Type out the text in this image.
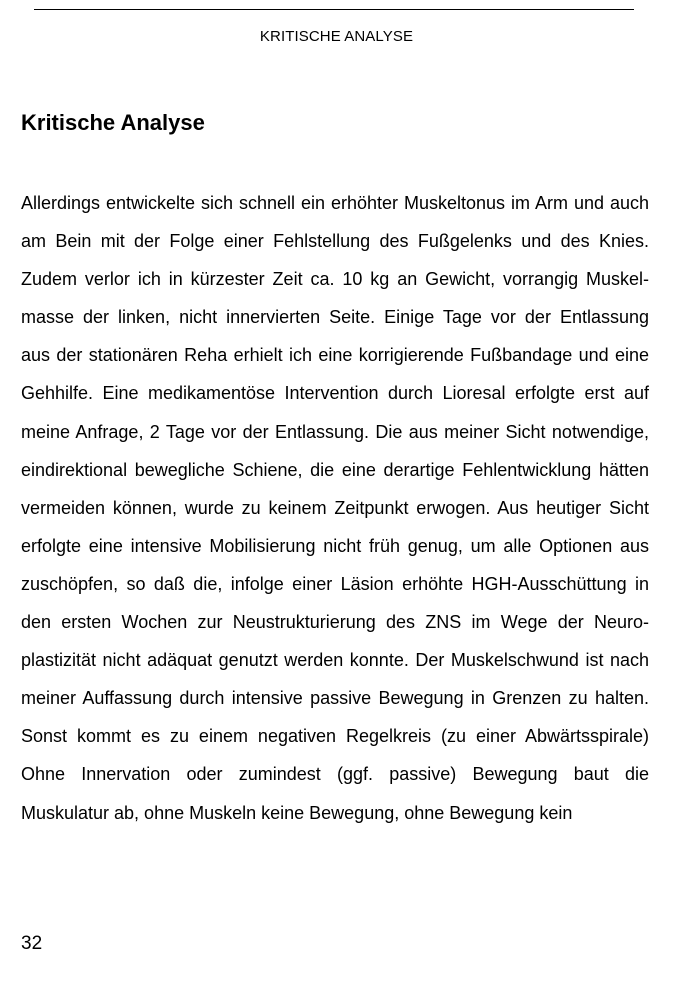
KRITISCHE ANALYSE
Kritische Analyse
Allerdings entwickelte sich schnell ein erhöhter Muskeltonus im Arm und auch
am Bein mit der Folge einer Fehlstellung des Fußgelenks und des Knies.
Zudem verlor ich in kürzester Zeit ca. 10 kg an Gewicht, vorrangig Muskel-
masse der linken, nicht innervierten Seite. Einige Tage vor der Entlassung
aus der stationären Reha erhielt ich eine korrigierende Fußbandage und eine
Gehhilfe. Eine medikamentöse Intervention durch Lioresal erfolgte erst auf
meine Anfrage, 2 Tage vor der Entlassung. Die aus meiner Sicht notwendige,
eindirektional bewegliche Schiene, die eine derartige Fehlentwicklung hätten
vermeiden können, wurde zu keinem Zeitpunkt erwogen. Aus heutiger Sicht
erfolgte eine intensive Mobilisierung nicht früh genug, um alle Optionen aus
zuschöpfen, so daß die, infolge einer Läsion erhöhte HGH-Ausschüttung in
den ersten Wochen zur Neustrukturierung des ZNS im Wege der Neuro-
plastizität nicht adäquat genutzt werden konnte. Der Muskelschwund ist nach
meiner Auffassung durch intensive passive Bewegung in Grenzen zu halten.
Sonst kommt es zu einem negativen Regelkreis (zu einer Abwärtsspirale)
Ohne Innervation oder zumindest (ggf. passive) Bewegung baut die
Muskulatur ab, ohne Muskeln keine Bewegung, ohne Bewegung kein
32
